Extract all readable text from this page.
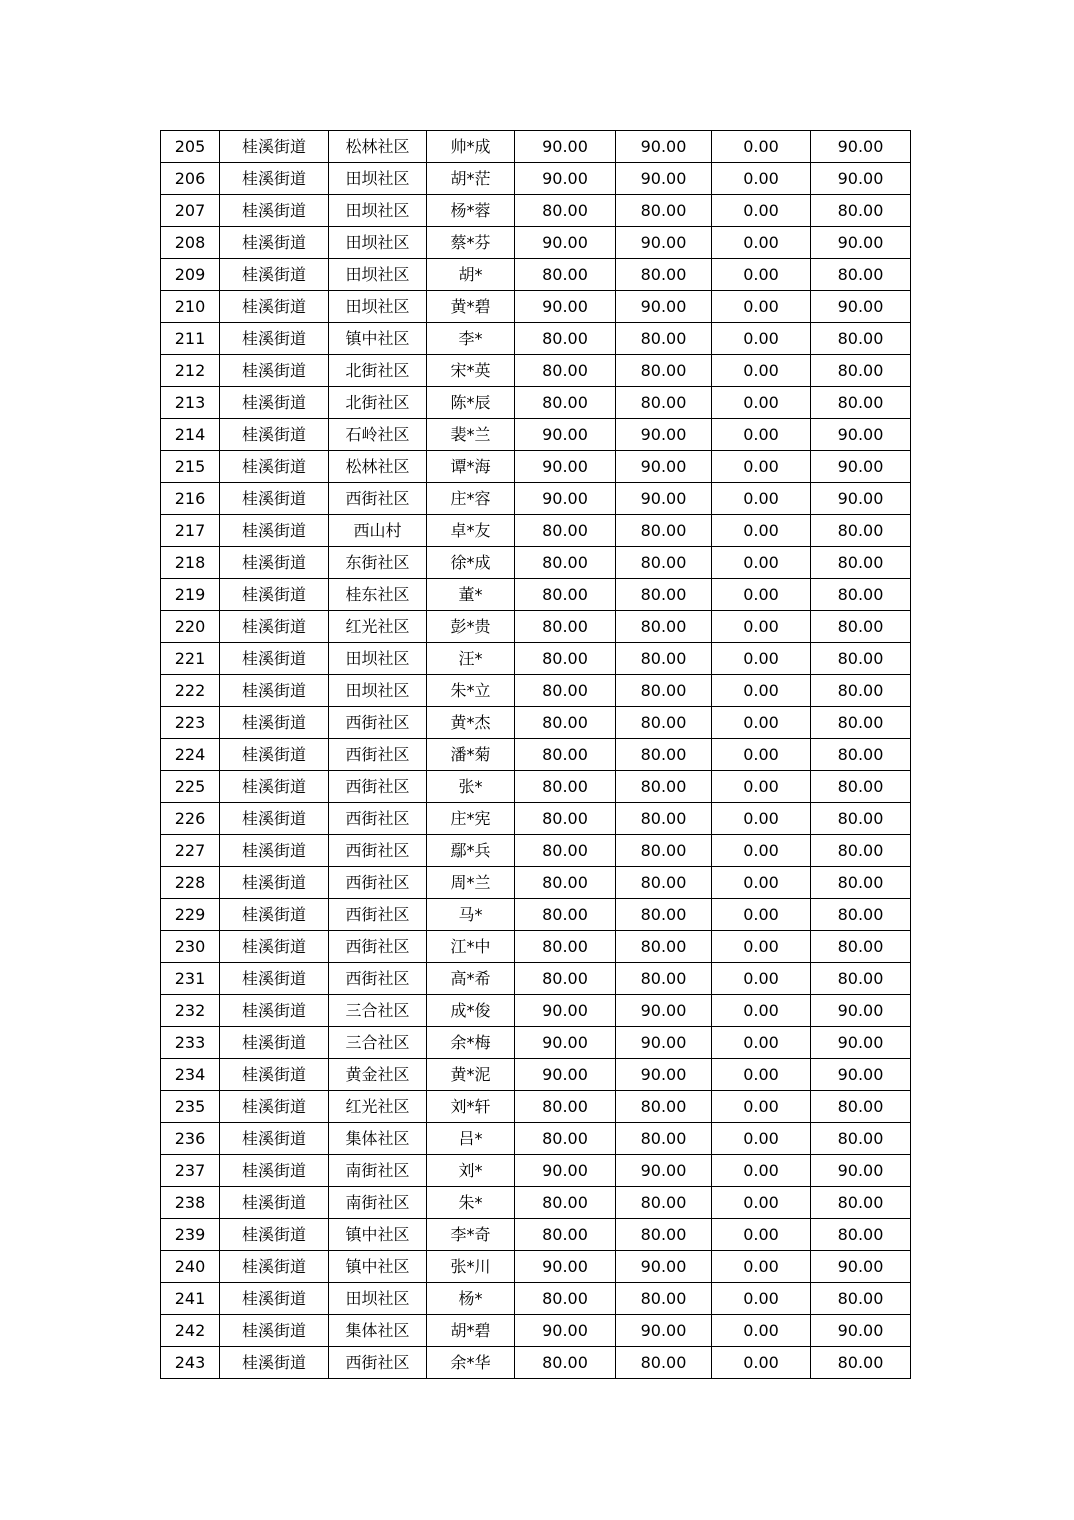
205	桂溪街道	松林社区	帅*成	90.00	90.00	0.00	90.00
206	桂溪街道	田坝社区	胡*茫	90.00	90.00	0.00	90.00
207	桂溪街道	田坝社区	杨*蓉	80.00	80.00	0.00	80.00
208	桂溪街道	田坝社区	蔡*芬	90.00	90.00	0.00	90.00
209	桂溪街道	田坝社区	胡*	80.00	80.00	0.00	80.00
210	桂溪街道	田坝社区	黄*碧	90.00	90.00	0.00	90.00
211	桂溪街道	镇中社区	李*	80.00	80.00	0.00	80.00
212	桂溪街道	北街社区	宋*英	80.00	80.00	0.00	80.00
213	桂溪街道	北街社区	陈*辰	80.00	80.00	0.00	80.00
214	桂溪街道	石岭社区	裴*兰	90.00	90.00	0.00	90.00
215	桂溪街道	松林社区	谭*海	90.00	90.00	0.00	90.00
216	桂溪街道	西街社区	庄*容	90.00	90.00	0.00	90.00
217	桂溪街道	西山村	卓*友	80.00	80.00	0.00	80.00
218	桂溪街道	东街社区	徐*成	80.00	80.00	0.00	80.00
219	桂溪街道	桂东社区	董*	80.00	80.00	0.00	80.00
220	桂溪街道	红光社区	彭*贵	80.00	80.00	0.00	80.00
221	桂溪街道	田坝社区	汪*	80.00	80.00	0.00	80.00
222	桂溪街道	田坝社区	朱*立	80.00	80.00	0.00	80.00
223	桂溪街道	西街社区	黄*杰	80.00	80.00	0.00	80.00
224	桂溪街道	西街社区	潘*菊	80.00	80.00	0.00	80.00
225	桂溪街道	西街社区	张*	80.00	80.00	0.00	80.00
226	桂溪街道	西街社区	庄*宪	80.00	80.00	0.00	80.00
227	桂溪街道	西街社区	鄢*兵	80.00	80.00	0.00	80.00
228	桂溪街道	西街社区	周*兰	80.00	80.00	0.00	80.00
229	桂溪街道	西街社区	马*	80.00	80.00	0.00	80.00
230	桂溪街道	西街社区	江*中	80.00	80.00	0.00	80.00
231	桂溪街道	西街社区	高*希	80.00	80.00	0.00	80.00
232	桂溪街道	三合社区	成*俊	90.00	90.00	0.00	90.00
233	桂溪街道	三合社区	余*梅	90.00	90.00	0.00	90.00
234	桂溪街道	黄金社区	黄*泥	90.00	90.00	0.00	90.00
235	桂溪街道	红光社区	刘*轩	80.00	80.00	0.00	80.00
236	桂溪街道	集体社区	吕*	80.00	80.00	0.00	80.00
237	桂溪街道	南街社区	刘*	90.00	90.00	0.00	90.00
238	桂溪街道	南街社区	朱*	80.00	80.00	0.00	80.00
239	桂溪街道	镇中社区	李*奇	80.00	80.00	0.00	80.00
240	桂溪街道	镇中社区	张*川	90.00	90.00	0.00	90.00
241	桂溪街道	田坝社区	杨*	80.00	80.00	0.00	80.00
242	桂溪街道	集体社区	胡*碧	90.00	90.00	0.00	90.00
243	桂溪街道	西街社区	余*华	80.00	80.00	0.00	80.00
